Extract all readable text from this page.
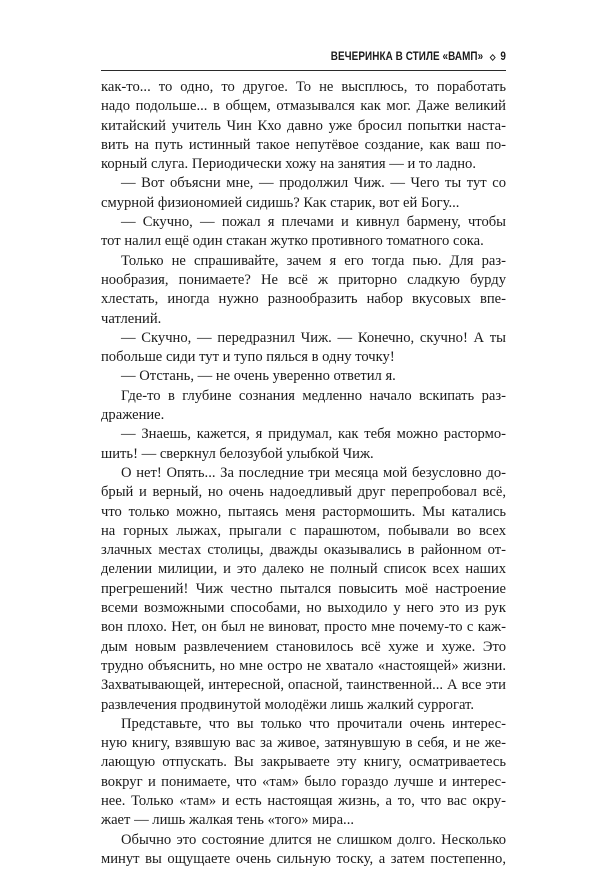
ВЕЧЕРИНКА В СТИЛЕ «ВАМП» 9
как-то... то одно, то другое. То не высплюсь, то поработать
надо подольше... в общем, отмазывался как мог. Даже великий
китайский учитель Чин Кхо давно уже бросил попытки наста-
вить на путь истинный такое непутёвое создание, как ваш по-
корный слуга. Периодически хожу на занятия — и то ладно.
— Вот объясни мне, — продолжил Чиж. — Чего ты тут со
смурной физиономией сидишь? Как старик, вот ей Богу...
— Скучно, — пожал я плечами и кивнул бармену, чтобы
тот налил ещё один стакан жутко противного томатного сока.
Только не спрашивайте, зачем я его тогда пью. Для раз-
нообразия, понимаете? Не всё ж приторно сладкую бурду
хлестать, иногда нужно разнообразить набор вкусовых впе-
чатлений.
— Скучно, — передразнил Чиж. — Конечно, скучно! А ты
побольше сиди тут и тупо пялься в одну точку!
— Отстань, — не очень уверенно ответил я.
Где-то в глубине сознания медленно начало вскипать раз-
дражение.
— Знаешь, кажется, я придумал, как тебя можно растормо-
шить! — сверкнул белозубой улыбкой Чиж.
О нет! Опять... За последние три месяца мой безусловно до-
брый и верный, но очень надоедливый друг перепробовал всё,
что только можно, пытаясь меня растормошить. Мы катались
на горных лыжах, прыгали с парашютом, побывали во всех
злачных местах столицы, дважды оказывались в районном от-
делении милиции, и это далеко не полный список всех наших
прегрешений! Чиж честно пытался повысить моё настроение
всеми возможными способами, но выходило у него это из рук
вон плохо. Нет, он был не виноват, просто мне почему-то с каж-
дым новым развлечением становилось всё хуже и хуже. Это
трудно объяснить, но мне остро не хватало «настоящей» жизни.
Захватывающей, интересной, опасной, таинственной... А все эти
развлечения продвинутой молодёжи лишь жалкий суррогат.
Представьте, что вы только что прочитали очень интерес-
ную книгу, взявшую вас за живое, затянувшую в себя, и не же-
лающую отпускать. Вы закрываете эту книгу, осматриваетесь
вокруг и понимаете, что «там» было гораздо лучше и интерес-
нее. Только «там» и есть настоящая жизнь, а то, что вас окру-
жает — лишь жалкая тень «того» мира...
Обычно это состояние длится не слишком долго. Несколько
минут вы ощущаете очень сильную тоску, а затем постепенно,
